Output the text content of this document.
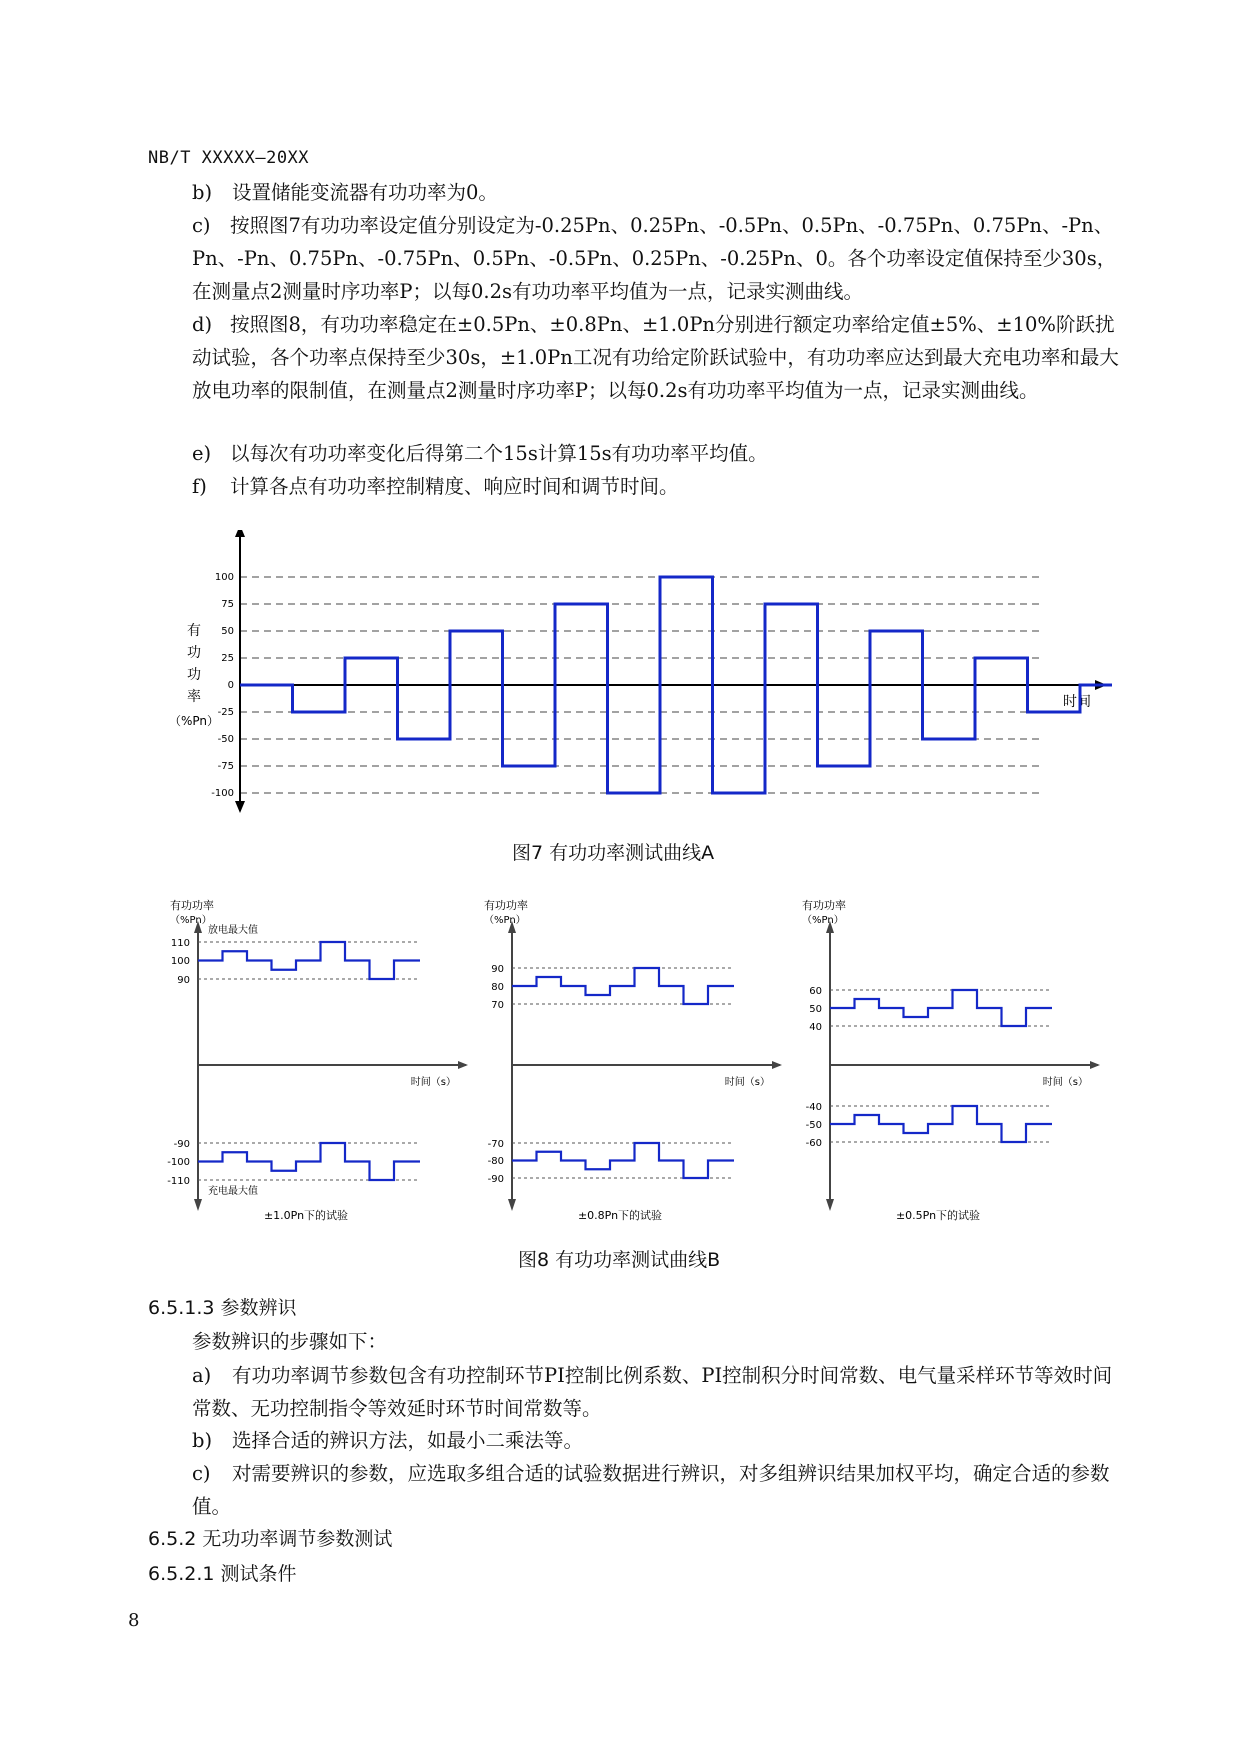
NB/T XXXXX—20XX
b) 设置储能变流器有功功率为0。
c) 按照图7有功功率设定值分别设定为-0.25Pn、0.25Pn、-0.5Pn、0.5Pn、-0.75Pn、0.75Pn、-Pn、Pn、-Pn、0.75Pn、-0.75Pn、0.5Pn、-0.5Pn、0.25Pn、-0.25Pn、0。各个功率设定值保持至少30s，在测量点2测量时序功率P；以每0.2s有功功率平均值为一点，记录实测曲线。
d) 按照图8，有功功率稳定在±0.5Pn、±0.8Pn、±1.0Pn分别进行额定功率给定值±5%、±10%阶跃扰动试验，各个功率点保持至少30s，±1.0Pn工况有功给定阶跃试验中，有功功率应达到最大充电功率和最大放电功率的限制值，在测量点2测量时序功率P；以每0.2s有功功率平均值为一点，记录实测曲线。
e) 以每次有功功率变化后得第二个15s计算15s有功功率平均值。
f) 计算各点有功功率控制精度、响应时间和调节时间。
100
75
50
25
0
-25
-50
-75
-100
时间
有
功
功
率
（%Pn）
图7 有功功率测试曲线A
时间（s）
有功功率
（%Pn）
110
100
90
-90
-100
-110
放电最大值
充电最大值
±1.0Pn下的试验
时间（s）
有功功率
（%Pn）
90
80
70
-70
-80
-90
±0.8Pn下的试验
时间（s）
有功功率
（%Pn）
60
50
40
-40
-50
-60
±0.5Pn下的试验
图8 有功功率测试曲线B
6.5.1.3 参数辨识
参数辨识的步骤如下：
a) 有功功率调节参数包含有功控制环节PI控制比例系数、PI控制积分时间常数、电气量采样环节等效时间常数、无功控制指令等效延时环节时间常数等。
b) 选择合适的辨识方法，如最小二乘法等。
c) 对需要辨识的参数，应选取多组合适的试验数据进行辨识，对多组辨识结果加权平均，确定合适的参数值。
6.5.2 无功功率调节参数测试
6.5.2.1 测试条件
8
